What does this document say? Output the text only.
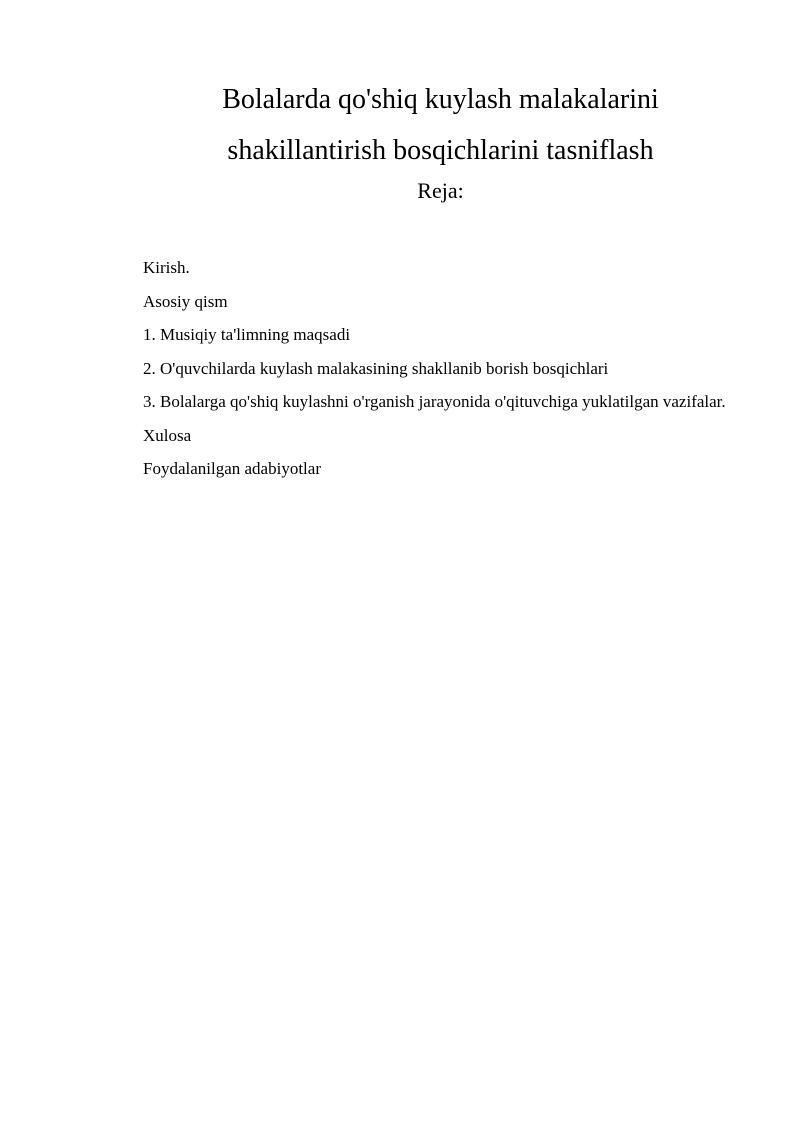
Bolalarda qo'shiq kuylash malakalarini
shakillantirish bosqichlarini tasniflash
Reja:
Kirish.
Asosiy qism
1. Musiqiy ta'limning maqsadi
2. O'quvchilarda kuylash malakasining shakllanib borish bosqichlari
3. Bolalarga qo'shiq kuylashni o'rganish jarayonida o'qituvchiga yuklatilgan vazifalar.
Xulosa
Foydalanilgan adabiyotlar
